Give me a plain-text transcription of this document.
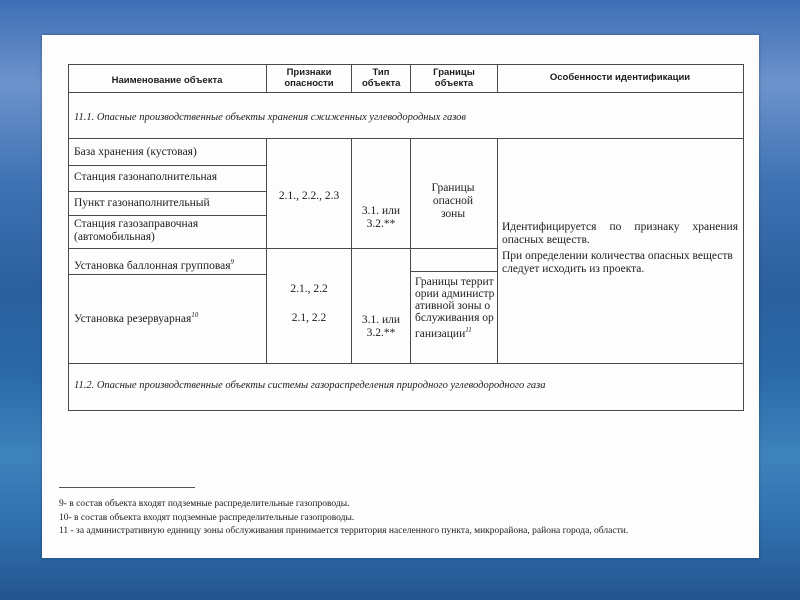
Наименование объекта
Признаки опасности
Тип объекта
Границы объекта
Особенности идентификации
11.1. Опасные производственные объекты хранения сжиженных углеводородных газов
База хранения (кустовая)
Станция газонаполнительная
Пункт газонаполнительный
Станция газозаправочная (автомобильная)
Установка баллонная групповая$^9$
Установка резервуарная$^{10}$
2.1., 2.2., 2.3
2.1., 2.2
2.1, 2.2
3.1. или 3.2.**
3.1. или 3.2.**
Границы опасной зоны
Границы территории административной зоны обслуживания организации$^{11}$
Идентифицируется по признаку хранения опасных веществ.
При определении количества опасных веществ следует исходить из проекта.
11.2. Опасные производственные объекты системы газораспределения природного углеводородного газа
9- в состав объекта входят подземные распределительные газопроводы.
10- в состав объекта входят подземные распределительные газопроводы.
11 - за административную единицу зоны обслуживания принимается территория населенного пункта, микрорайона, района города, области.
